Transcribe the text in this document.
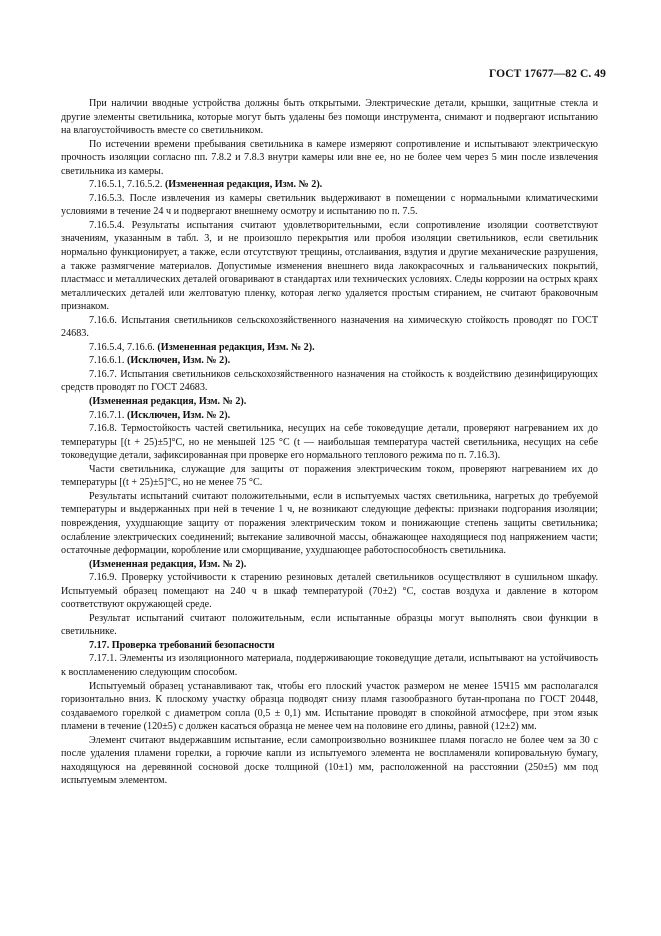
ГОСТ 17677—82 С. 49

При наличии вводные устройства должны быть открытыми. Электрические детали, крышки, защитные стекла и другие элементы светильника, которые могут быть удалены без помощи инструмента, снимают и подвергают испытанию на влагоустойчивость вместе со светильником.

По истечении времени пребывания светильника в камере измеряют сопротивление и испытывают электрическую прочность изоляции согласно пп. 7.8.2 и 7.8.3 внутри камеры или вне ее, но не более чем через 5 мин после извлечения светильника из камеры.

7.16.5.1, 7.16.5.2. (Измененная редакция, Изм. № 2).

7.16.5.3. После извлечения из камеры светильник выдерживают в помещении с нормальными климатическими условиями в течение 24 ч и подвергают внешнему осмотру и испытанию по п. 7.5.

7.16.5.4. Результаты испытания считают удовлетворительными, если сопротивление изоляции соответствуют значениям, указанным в табл. 3, и не произошло перекрытия или пробоя изоляции светильников, если светильник нормально функционирует, а также, если отсутствуют трещины, отслаивания, вздутия и другие механические разрушения, а также размягчение материалов. Допустимые изменения внешнего вида лакокрасочных и гальванических покрытий, пластмасс и металлических деталей оговаривают в стандартах или технических условиях. Следы коррозии на острых краях металлических деталей или желтоватую пленку, которая легко удаляется простым стиранием, не считают браковочным признаком.

7.16.6. Испытания светильников сельскохозяйственного назначения на химическую стойкость проводят по ГОСТ 24683.

7.16.5.4, 7.16.6. (Измененная редакция, Изм. № 2).

7.16.6.1. (Исключен, Изм. № 2).

7.16.7. Испытания светильников сельскохозяйственного назначения на стойкость к воздействию дезинфицирующих средств проводят по ГОСТ 24683.

(Измененная редакция, Изм. № 2).

7.16.7.1. (Исключен, Изм. № 2).

7.16.8. Термостойкость частей светильника, несущих на себе токоведущие детали, проверяют нагреванием их до температуры [(t + 25)±5]°C, но не меньшей 125 °C (t — наибольшая температура частей светильника, несущих на себе токоведущие детали, зафиксированная при проверке его нормального теплового режима по п. 7.16.3).

Части светильника, служащие для защиты от поражения электрическим током, проверяют нагреванием их до температуры [(t + 25)±5]°C, но не менее 75 °C.

Результаты испытаний считают положительными, если в испытуемых частях светильника, нагретых до требуемой температуры и выдержанных при ней в течение 1 ч, не возникают следующие дефекты: признаки подгорания изоляции; повреждения, ухудшающие защиту от поражения электрическим током и понижающие степень защиты светильника; ослабление электрических соединений; вытекание заливочной массы, обнажающее находящиеся под напряжением части; остаточные деформации, коробление или сморщивание, ухудшающее работоспособность светильника.

(Измененная редакция, Изм. № 2).

7.16.9. Проверку устойчивости к старению резиновых деталей светильников осуществляют в сушильном шкафу. Испытуемый образец помещают на 240 ч в шкаф температурой (70±2) °C, состав воздуха и давление в котором соответствуют окружающей среде.

Результат испытаний считают положительным, если испытанные образцы могут выполнять свои функции в светильнике.

7.17. Проверка требований безопасности

7.17.1. Элементы из изоляционного материала, поддерживающие токоведущие детали, испытывают на устойчивость к воспламенению следующим способом.

Испытуемый образец устанавливают так, чтобы его плоский участок размером не менее 15Ч15 мм располагался горизонтально вниз. К плоскому участку образца подводят снизу пламя газообразного бутан-пропана по ГОСТ 20448, создаваемого горелкой с диаметром сопла (0,5 ± 0,1) мм. Испытание проводят в спокойной атмосфере, при этом язык пламени в течение (120±5) с должен касаться образца не менее чем на половине его длины, равной (12±2) мм.

Элемент считают выдержавшим испытание, если самопроизвольно возникшее пламя погасло не более чем за 30 с после удаления пламени горелки, а горючие капли из испытуемого элемента не воспламеняли копировальную бумагу, находящуюся на деревянной сосновой доске толщиной (10±1) мм, расположенной на расстоянии (250±5) мм под испытуемым элементом.
